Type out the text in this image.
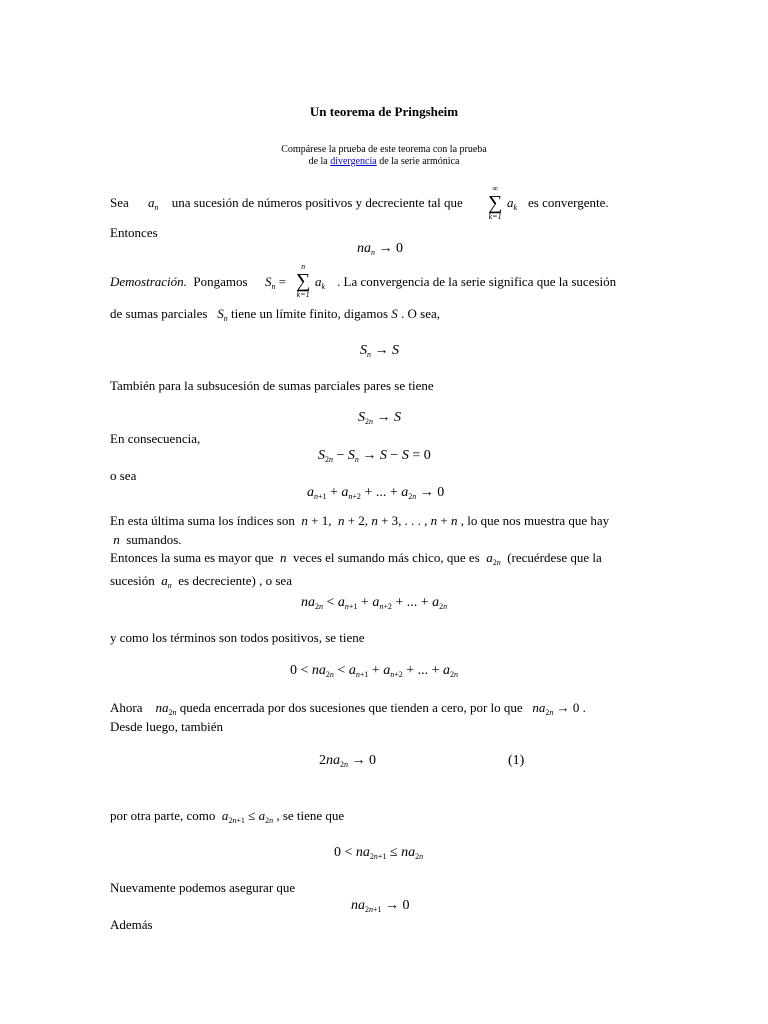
Un teorema de Pringsheim
Compárese la prueba de este teorema con la prueba
de la divergencia de la serie armónica
Sea $a_n$ una sucesión de números positivos y decreciente tal que
∞
∑
k=1
$a_k$ es convergente.
Entonces
$na_n \to 0$
Demostración. Pongamos $S_n$ =
n
∑
k=1
$a_k$ . La convergencia de la serie significa que la sucesión
de sumas parciales $S_n$ tiene un límite finito, digamos S . O sea,
$S_n \to S$
También para la subsucesión de sumas parciales pares se tiene
$S_{2n} \to S$
En consecuencia,
$S_{2n} - S_n \to S - S = 0$
o sea
$a_{n+1} + a_{n+2}$ + ... + $a_{2n} \to 0$
En esta última suma los índices son n + 1,  n + 2, n + 3, . . . , n + n , lo que nos muestra que hay
n sumandos.
Entonces la suma es mayor que n veces el sumando más chico, que es $a_{2n}$ (recuérdese que la
sucesión $a_n$ es decreciente) , o sea
$na_{2n} < a_{n+1} + a_{n+2}$ + ... + $a_{2n}$
y como los términos son todos positivos, se tiene
$0 < na_{2n} < a_{n+1} + a_{n+2}$ + ... + $a_{2n}$
Ahora $na_{2n}$ queda encerrada por dos sucesiones que tienden a cero, por lo que $na_{2n} \to 0$ .
Desde luego, también
$2na_{2n} \to 0$	(1)
por otra parte, como $a_{2n+1} \le a_{2n}$ , se tiene que
$0 < na_{2n+1} \le na_{2n}$
Nuevamente podemos asegurar que
$na_{2n+1} \to 0$
Además
